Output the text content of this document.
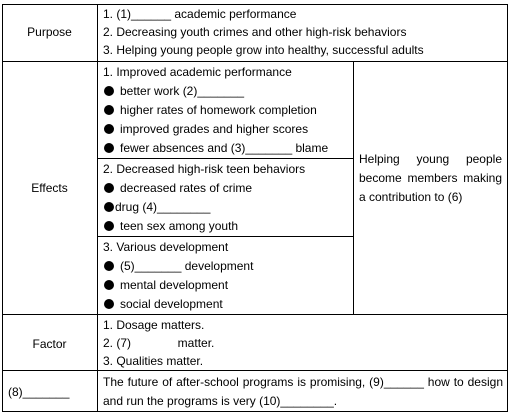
Purpose
1. (1)______ academic performance
2. Decreasing youth crimes and other high-risk behaviors
3. Helping young people grow into healthy, successful adults
Effects
1. Improved academic performance
better work (2)_______
higher rates of homework completion
improved grades and higher scores
fewer absences and (3)_______ blame
2. Decreased high-risk teen behaviors
decreased rates of crime
drug (4)________
teen sex among youth
3. Various development
(5)_______ development
mental development
social development
Helping young people become members making a contribution to (6)
Factor
1. Dosage matters.
2. (7)              matter.
3. Qualities matter.
(8)_______
The future of after-school programs is promising, (9)______ how to design and run the programs is very (10)________.
